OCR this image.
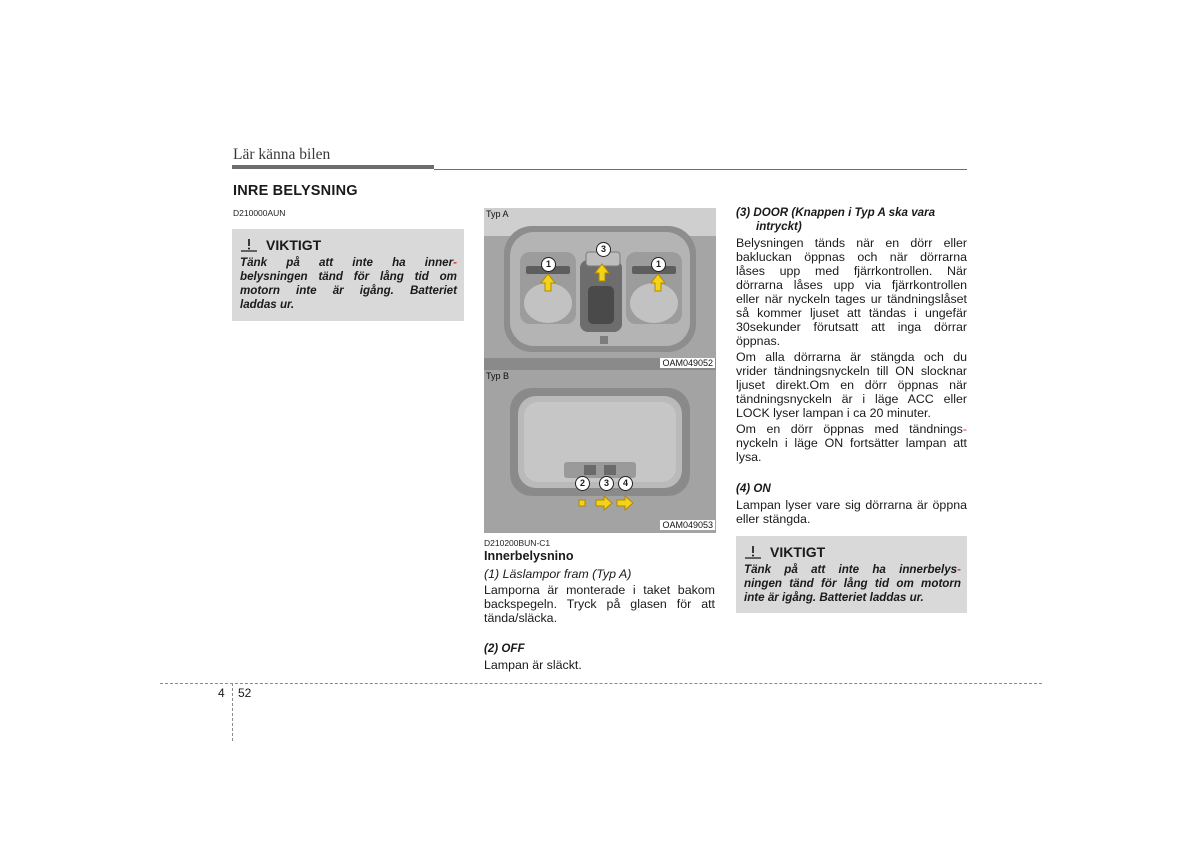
Lär känna bilen
INRE BELYSNING
D210000AUN
VIKTIGT
Tänk på att inte ha inner-
belysningen tänd för lång tid om
motorn inte är igång. Batteriet
laddas ur.
Typ A
1
3
1
OAM049052
Typ B
2	3	4
OAM049053
D210200BUN-C1
Innerbelysnino
(1) Läslampor fram (Typ A)
Lamporna är monterade i taket bakom
backspegeln. Tryck på glasen för att
tända/släcka.
(2) OFF
Lampan är släckt.
(3) DOOR (Knappen i Typ A ska vara
intryckt)
Belysningen tänds när en dörr eller
bakluckan öppnas och när dörrarna
låses upp med fjärrkontrollen. När
dörrarna låses upp via fjärrkontrollen
eller när nyckeln tages ur tändningslåset
så kommer ljuset att tändas i ungefär
30sekunder förutsatt att inga dörrar
öppnas.
Om alla dörrarna är stängda och du
vrider tändningsnyckeln till ON slocknar
ljuset direkt.Om en dörr öppnas när
tändningsnyckeln är i läge ACC eller
LOCK lyser lampan i ca 20 minuter.
Om en dörr öppnas med tändnings-
nyckeln i läge ON fortsätter lampan att
lysa.
(4) ON
Lampan lyser vare sig dörrarna är öppna
eller stängda.
VIKTIGT
Tänk på att inte ha innerbelys-
ningen tänd för lång tid om motorn
inte är igång. Batteriet laddas ur.
4 52
